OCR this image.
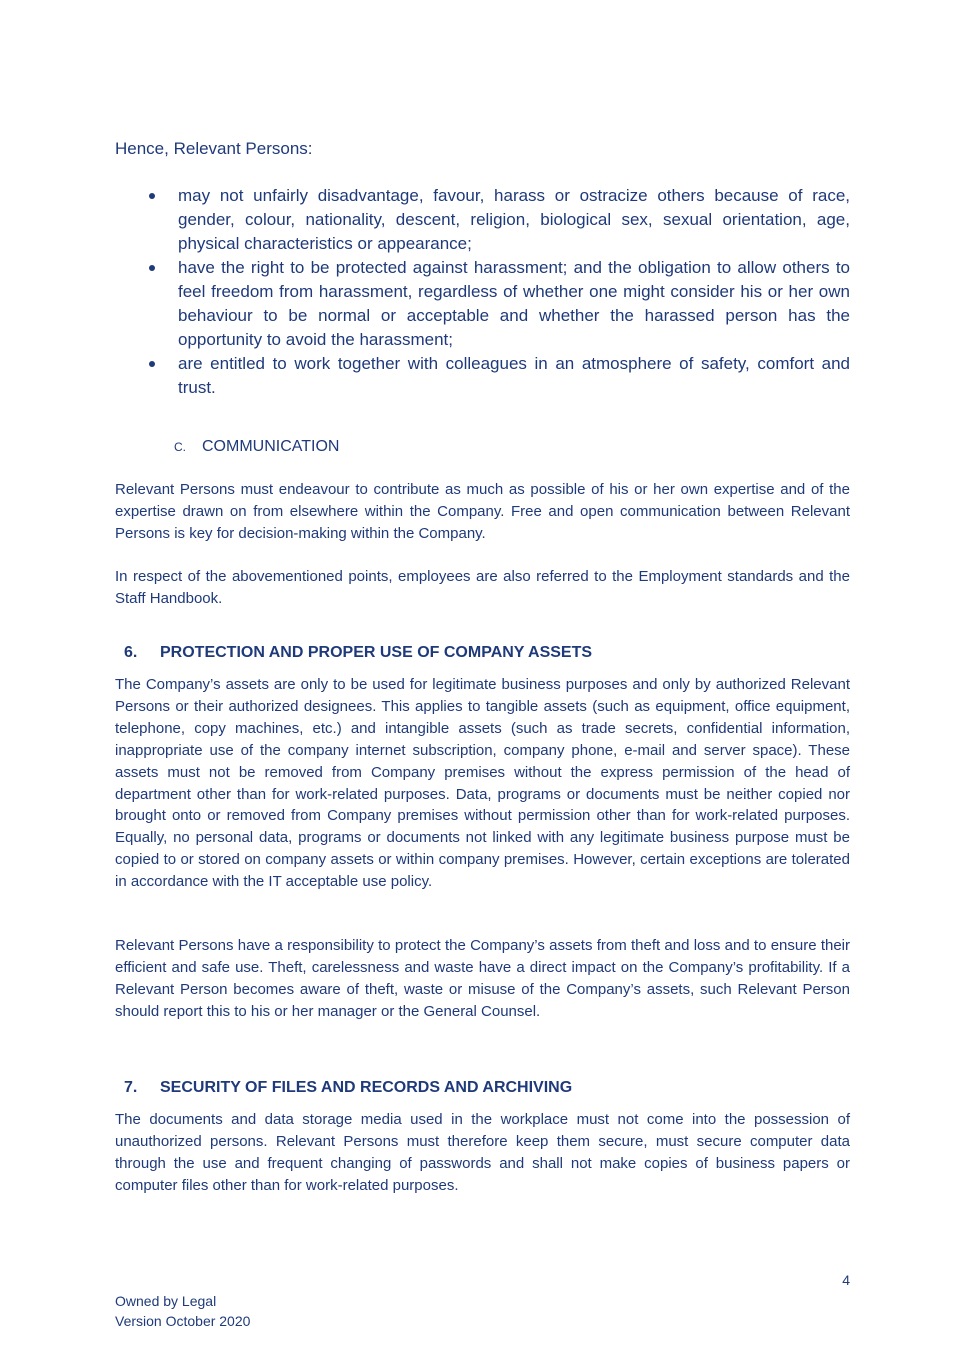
Hence, Relevant Persons:
may not unfairly disadvantage, favour, harass or ostracize others because of race, gender, colour, nationality, descent, religion, biological sex, sexual orientation, age, physical characteristics or appearance;
have the right to be protected against harassment; and the obligation to allow others to feel freedom from harassment, regardless of whether one might consider his or her own behaviour to be normal or acceptable and whether the harassed person has the opportunity to avoid the harassment;
are entitled to work together with colleagues in an atmosphere of safety, comfort and trust.
C. COMMUNICATION

Relevant Persons must endeavour to contribute as much as possible of his or her own expertise and of the expertise drawn on from elsewhere within the Company. Free and open communication between Relevant Persons is key for decision-making within the Company.

In respect of the abovementioned points, employees are also referred to the Employment standards and the Staff Handbook.

6. PROTECTION AND PROPER USE OF COMPANY ASSETS

The Company’s assets are only to be used for legitimate business purposes and only by authorized Relevant Persons or their authorized designees. This applies to tangible assets (such as equipment, office equipment, telephone, copy machines, etc.) and intangible assets (such as trade secrets, confidential information, inappropriate use of the company internet subscription, company phone, e-mail and server space). These assets must not be removed from Company premises without the express permission of the head of department other than for work-related purposes. Data, programs or documents must be neither copied nor brought onto or removed from Company premises without permission other than for work-related purposes. Equally, no personal data, programs or documents not linked with any legitimate business purpose must be copied to or stored on company assets or within company premises. However, certain exceptions are tolerated in accordance with the IT acceptable use policy.

Relevant Persons have a responsibility to protect the Company’s assets from theft and loss and to ensure their efficient and safe use. Theft, carelessness and waste have a direct impact on the Company’s profitability. If a Relevant Person becomes aware of theft, waste or misuse of the Company’s assets, such Relevant Person should report this to his or her manager or the General Counsel.

7. SECURITY OF FILES AND RECORDS AND ARCHIVING

The documents and data storage media used in the workplace must not come into the possession of unauthorized persons. Relevant Persons must therefore keep them secure, must secure computer data through the use and frequent changing of passwords and shall not make copies of business papers or computer files other than for work-related purposes.

4
Owned by Legal
Version October 2020
